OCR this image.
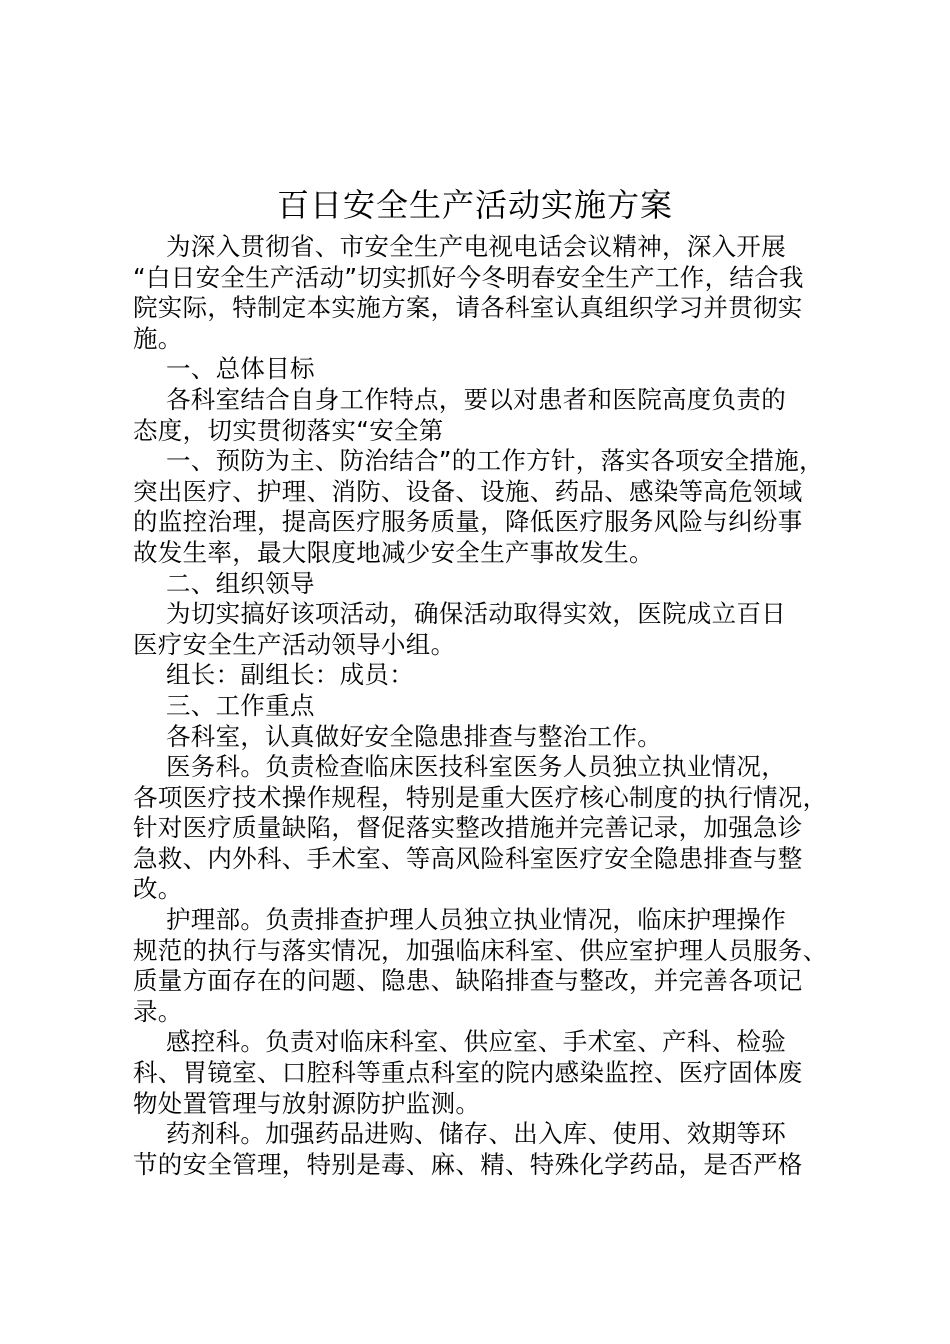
百日安全生产活动实施方案
为深入贯彻省、市安全生产电视电话会议精神，深入开展
“白日安全生产活动”切实抓好今冬明春安全生产工作，结合我
院实际，特制定本实施方案，请各科室认真组织学习并贯彻实
施。
一、总体目标
各科室结合自身工作特点，要以对患者和医院高度负责的
态度，切实贯彻落实“安全第
一、预防为主、防治结合”的工作方针，落实各项安全措施，
突出医疗、护理、消防、设备、设施、药品、感染等高危领域
的监控治理，提高医疗服务质量，降低医疗服务风险与纠纷事
故发生率，最大限度地减少安全生产事故发生。
二、组织领导
为切实搞好该项活动，确保活动取得实效，医院成立百日
医疗安全生产活动领导小组。
组长：副组长：成员：
三、工作重点
各科室，认真做好安全隐患排查与整治工作。
医务科。负责检查临床医技科室医务人员独立执业情况，
各项医疗技术操作规程，特别是重大医疗核心制度的执行情况，
针对医疗质量缺陷，督促落实整改措施并完善记录，加强急诊
急救、内外科、手术室、等高风险科室医疗安全隐患排查与整
改。
护理部。负责排查护理人员独立执业情况，临床护理操作
规范的执行与落实情况，加强临床科室、供应室护理人员服务、
质量方面存在的问题、隐患、缺陷排查与整改，并完善各项记
录。
感控科。负责对临床科室、供应室、手术室、产科、检验
科、胃镜室、口腔科等重点科室的院内感染监控、医疗固体废
物处置管理与放射源防护监测。
药剂科。加强药品进购、储存、出入库、使用、效期等环
节的安全管理，特别是毒、麻、精、特殊化学药品，是否严格
